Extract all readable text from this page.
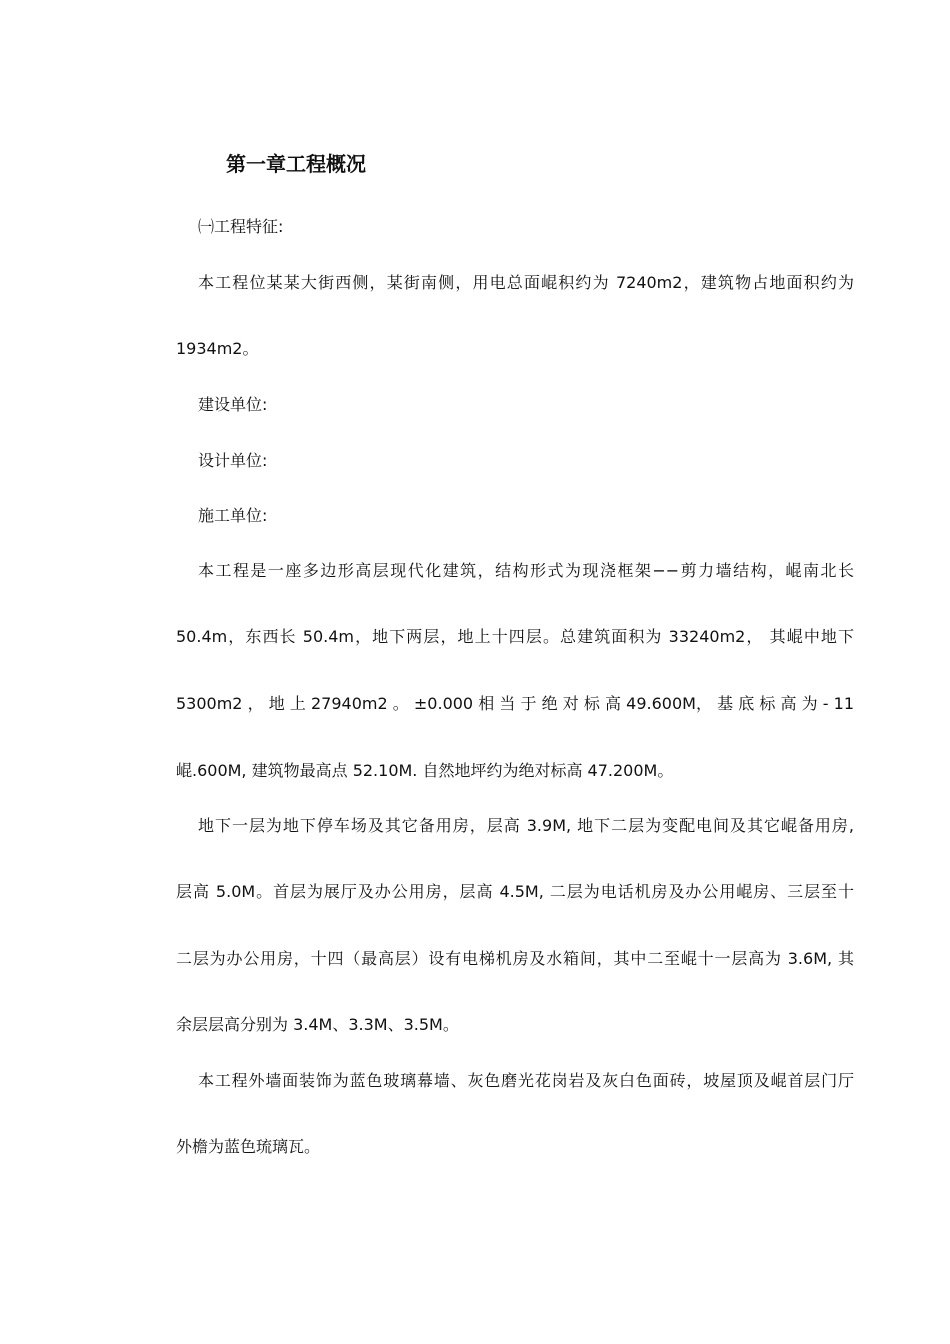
第一章工程概况
㈠工程特征:
本工程位某某大街西侧，某街南侧，用电总面崐积约为 7240m2，建筑物占地面积约为
1934m2。
建设单位:
设计单位:
施工单位:
本工程是一座多边形高层现代化建筑，结构形式为现浇框架−−剪力墙结构，崐南北长
50.4m，东西长 50.4m，地下两层，地上十四层。总建筑面积为 33240m2， 其崐中地下
5300m2 ， 地 上 27940m2 。 ±0.000 相 当 于 绝 对 标 高 49.600M， 基 底 标 高 为 - 11
崐.600M, 建筑物最高点 52.10M. 自然地坪约为绝对标高 47.200M。
地下一层为地下停车场及其它备用房，层高 3.9M, 地下二层为变配电间及其它崐备用房,
层高 5.0M。首层为展厅及办公用房，层高 4.5M, 二层为电话机房及办公用崐房、三层至十
二层为办公用房，十四（最高层）设有电梯机房及水箱间，其中二至崐十一层高为 3.6M, 其
余层层高分别为 3.4M、3.3M、3.5M。
本工程外墙面装饰为蓝色玻璃幕墙、灰色磨光花岗岩及灰白色面砖，坡屋顶及崐首层门厅
外檐为蓝色琉璃瓦。
